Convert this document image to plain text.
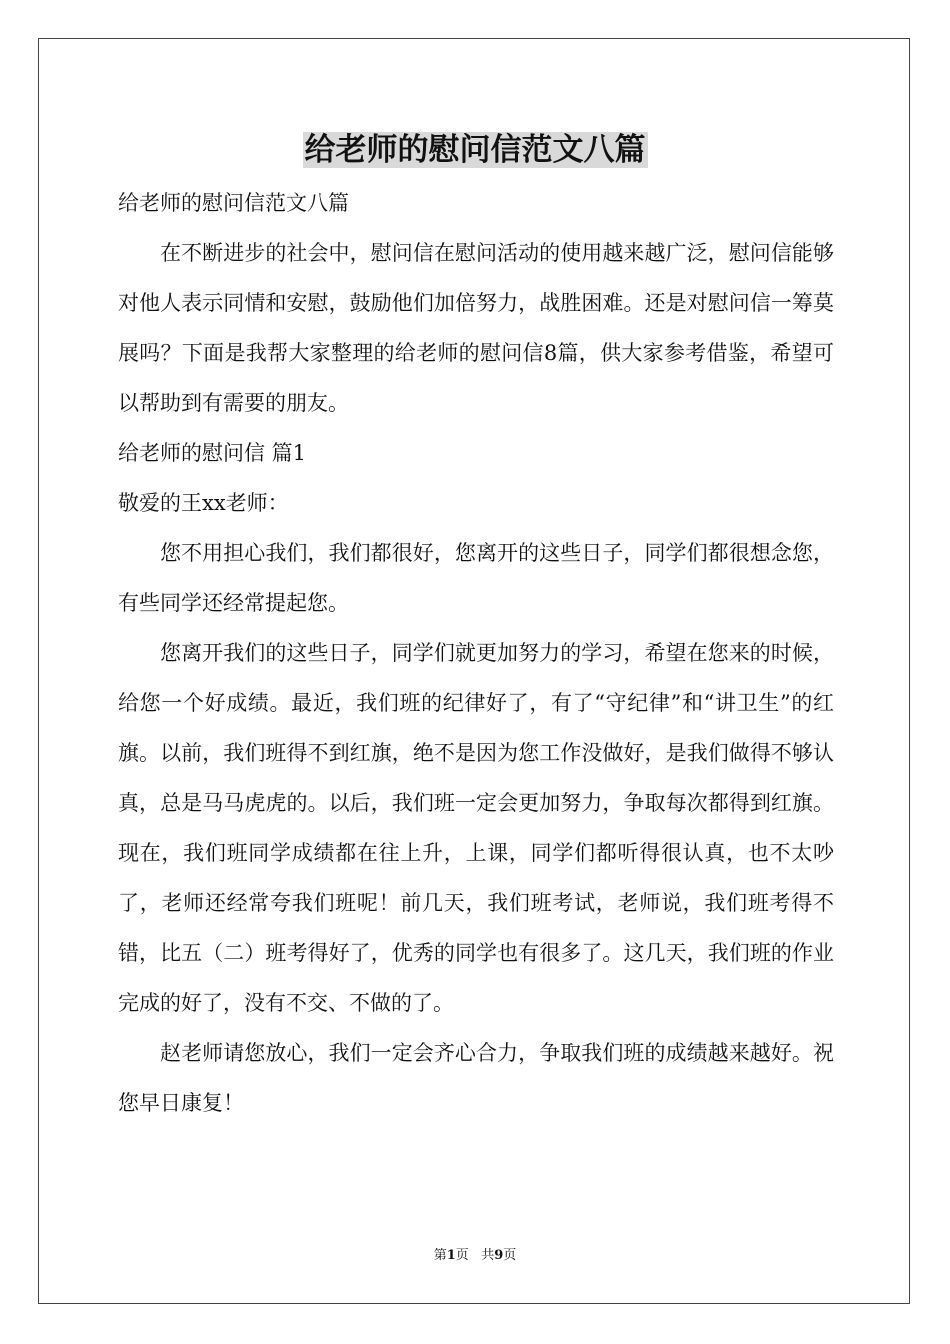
给老师的慰问信范文八篇

给老师的慰问信范文八篇

在不断进步的社会中，慰问信在慰问活动的使用越来越广泛，慰问信能够对他人表示同情和安慰，鼓励他们加倍努力，战胜困难。还是对慰问信一筹莫展吗？下面是我帮大家整理的给老师的慰问信8篇，供大家参考借鉴，希望可以帮助到有需要的朋友。

给老师的慰问信 篇1

敬爱的王xx老师：

您不用担心我们，我们都很好，您离开的这些日子，同学们都很想念您，有些同学还经常提起您。

您离开我们的这些日子，同学们就更加努力的学习，希望在您来的时候，给您一个好成绩。最近，我们班的纪律好了，有了“守纪律”和“讲卫生”的红旗。以前，我们班得不到红旗，绝不是因为您工作没做好，是我们做得不够认真，总是马马虎虎的。以后，我们班一定会更加努力，争取每次都得到红旗。现在，我们班同学成绩都在往上升，上课，同学们都听得很认真，也不太吵了，老师还经常夸我们班呢！前几天，我们班考试，老师说，我们班考得不错，比五（二）班考得好了，优秀的同学也有很多了。这几天，我们班的作业完成的好了，没有不交、不做的了。

赵老师请您放心，我们一定会齐心合力，争取我们班的成绩越来越好。祝您早日康复！

第1页 共9页
